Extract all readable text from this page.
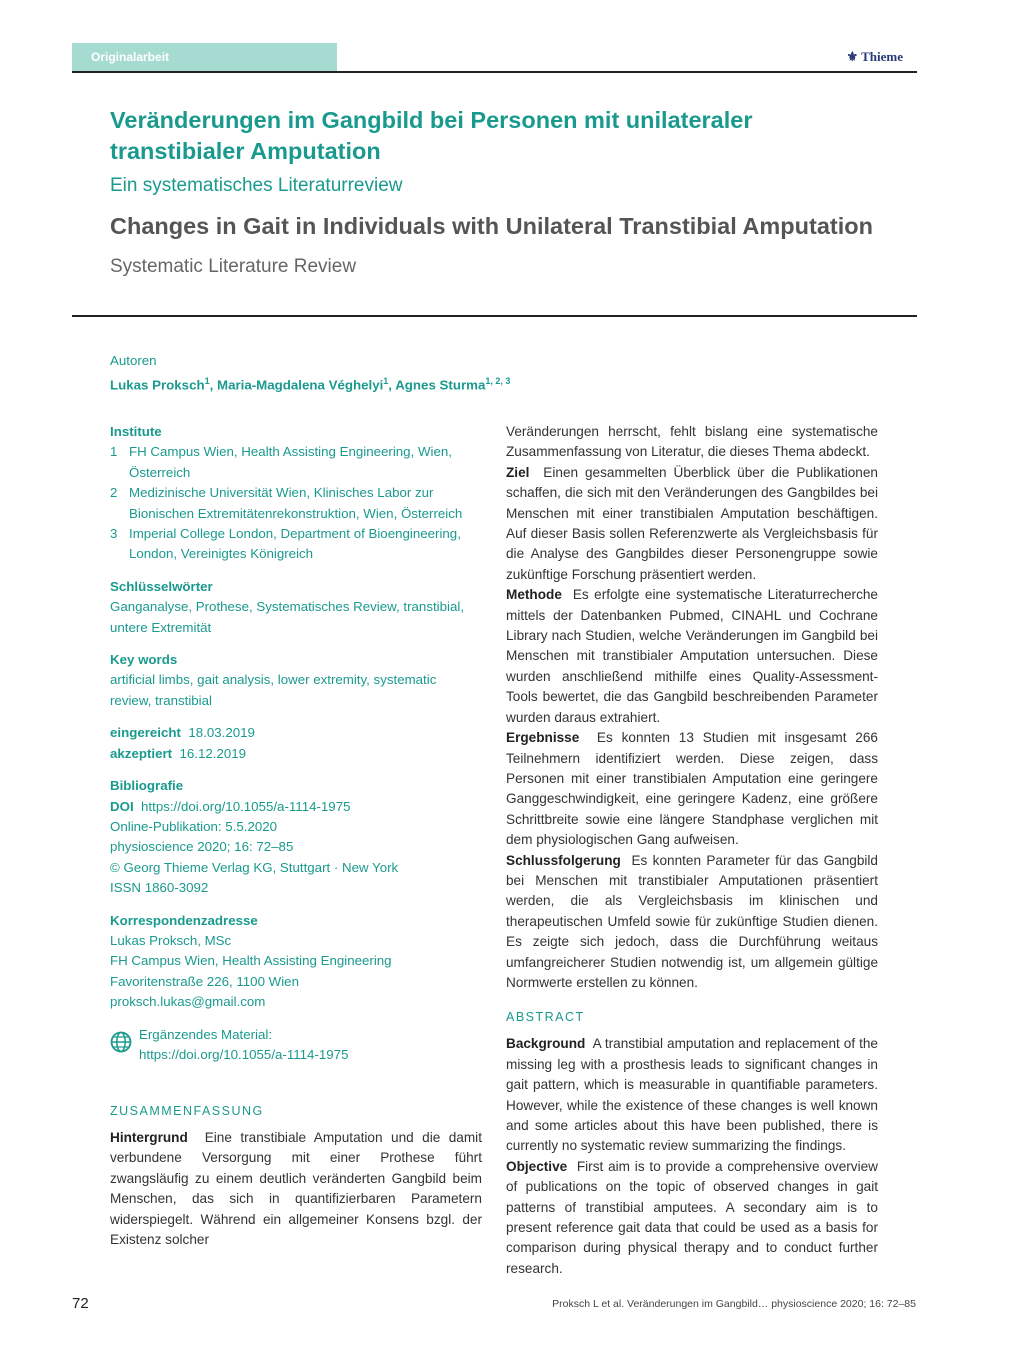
Originalarbeit	⚜ Thieme
Veränderungen im Gangbild bei Personen mit unilateraler
transtibialer Amputation
Ein systematisches Literaturreview
Changes in Gait in Individuals with Unilateral Transtibial Amputation
Systematic Literature Review
Autoren
Lukas Proksch$^1$, Maria-Magdalena Véghelyi$^1$, Agnes Sturma$^{1, 2, 3}$
Institute
1 FH Campus Wien, Health Assisting Engineering, Wien,
Österreich
2 Medizinische Universität Wien, Klinisches Labor zur
Bionischen Extremitätenrekonstruktion, Wien, Österreich
3 Imperial College London, Department of Bioengineering,
London, Vereinigtes Königreich
Schlüsselwörter
Ganganalyse, Prothese, Systematisches Review, transtibial,
untere Extremität
Key words
artificial limbs, gait analysis, lower extremity, systematic
review, transtibial
eingereicht 18.03.2019
akzeptiert 16.12.2019
Bibliografie
DOI https://doi.org/10.1055/a-1114-1975
Online-Publikation: 5.5.2020
physioscience 2020; 16: 72–85
© Georg Thieme Verlag KG, Stuttgart · New York
ISSN 1860-3092
Korrespondenzadresse
Lukas Proksch, MSc
FH Campus Wien, Health Assisting Engineering
Favoritenstraße 226, 1100 Wien
proksch.lukas@gmail.com
Ergänzendes Material:
https://doi.org/10.1055/a-1114-1975
ZUSAMMENFASSUNG
Hintergrund Eine transtibiale Amputation und die damit verbundene Versorgung mit einer Prothese führt zwangsläufig zu einem deutlich veränderten Gangbild beim Menschen, das sich in quantifizierbaren Parametern widerspiegelt. Während ein allgemeiner Konsens bzgl. der Existenz solcher
Veränderungen herrscht, fehlt bislang eine systematische Zusammenfassung von Literatur, die dieses Thema abdeckt.
Ziel Einen gesammelten Überblick über die Publikationen schaffen, die sich mit den Veränderungen des Gangbildes bei Menschen mit einer transtibialen Amputation beschäftigen. Auf dieser Basis sollen Referenzwerte als Vergleichsbasis für die Analyse des Gangbildes dieser Personengruppe sowie zukünftige Forschung präsentiert werden.
Methode Es erfolgte eine systematische Literaturrecherche mittels der Datenbanken Pubmed, CINAHL und Cochrane Library nach Studien, welche Veränderungen im Gangbild bei Menschen mit transtibialer Amputation untersuchen. Diese wurden anschließend mithilfe eines Quality-Assessment-Tools bewertet, die das Gangbild beschreibenden Parameter wurden daraus extrahiert.
Ergebnisse Es konnten 13 Studien mit insgesamt 266 Teilnehmern identifiziert werden. Diese zeigen, dass Personen mit einer transtibialen Amputation eine geringere Ganggeschwindigkeit, eine geringere Kadenz, eine größere Schrittbreite sowie eine längere Standphase verglichen mit dem physiologischen Gang aufweisen.
Schlussfolgerung Es konnten Parameter für das Gangbild bei Menschen mit transtibialer Amputationen präsentiert werden, die als Vergleichsbasis im klinischen und therapeutischen Umfeld sowie für zukünftige Studien dienen. Es zeigte sich jedoch, dass die Durchführung weitaus umfangreicherer Studien notwendig ist, um allgemein gültige Normwerte erstellen zu können.
ABSTRACT
Background A transtibial amputation and replacement of the missing leg with a prosthesis leads to significant changes in gait pattern, which is measurable in quantifiable parameters. However, while the existence of these changes is well known and some articles about this have been published, there is currently no systematic review summarizing the findings.
Objective First aim is to provide a comprehensive overview of publications on the topic of observed changes in gait patterns of transtibial amputees. A secondary aim is to present reference gait data that could be used as a basis for comparison during physical therapy and to conduct further research.
72	Proksch L et al. Veränderungen im Gangbild… physioscience 2020; 16: 72–85
